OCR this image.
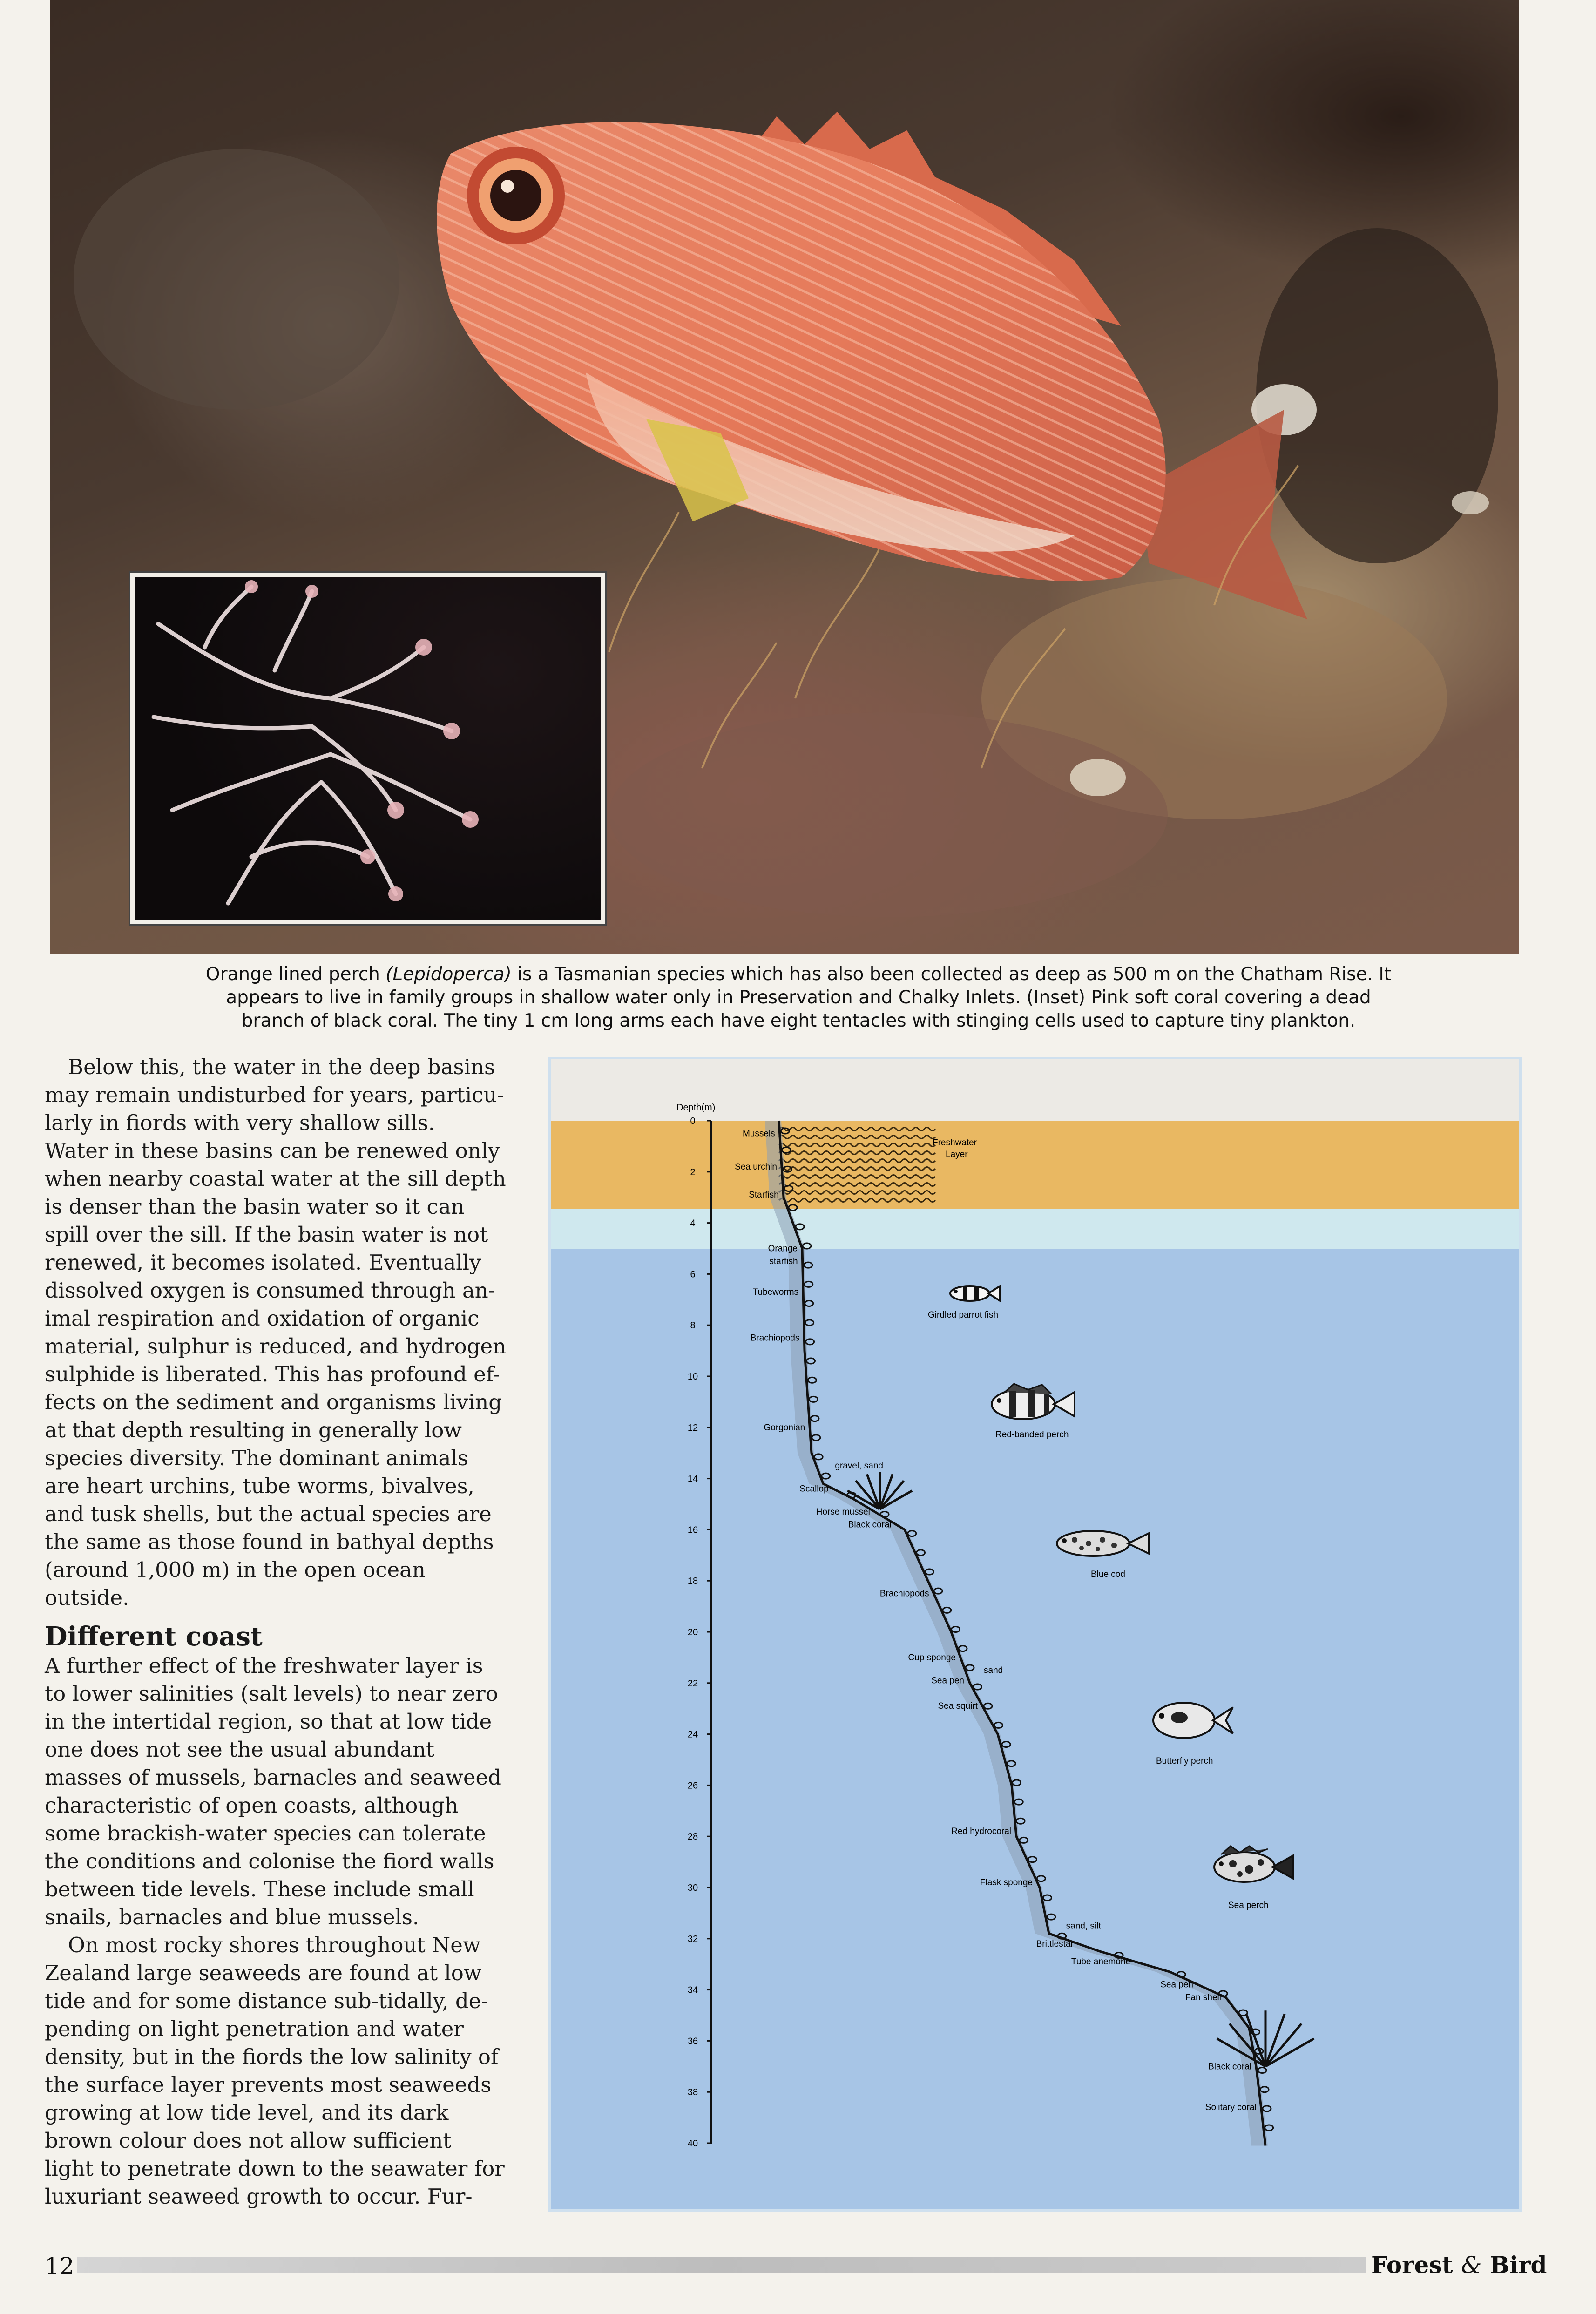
Orange lined perch (Lepidoperca) is a Tasmanian species which has also been collected as deep as 500 m on the Chatham Rise. It
appears to live in family groups in shallow water only in Preservation and Chalky Inlets. (Inset) Pink soft coral covering a dead
branch of black coral. The tiny 1 cm long arms each have eight tentacles with stinging cells used to capture tiny plankton.

Below this, the water in the deep basins
may remain undisturbed for years, particu-
larly in fiords with very shallow sills.
Water in these basins can be renewed only
when nearby coastal water at the sill depth
is denser than the basin water so it can
spill over the sill. If the basin water is not
renewed, it becomes isolated. Eventually
dissolved oxygen is consumed through an-
imal respiration and oxidation of organic
material, sulphur is reduced, and hydrogen
sulphide is liberated. This has profound ef-
fects on the sediment and organisms living
at that depth resulting in generally low
species diversity. The dominant animals
are heart urchins, tube worms, bivalves,
and tusk shells, but the actual species are
the same as those found in bathyal depths
(around 1,000 m) in the open ocean
outside.

Different coast

A further effect of the freshwater layer is
to lower salinities (salt levels) to near zero
in the intertidal region, so that at low tide
one does not see the usual abundant
masses of mussels, barnacles and seaweed
characteristic of open coasts, although
some brackish-water species can tolerate
the conditions and colonise the fiord walls
between tide levels. These include small
snails, barnacles and blue mussels.

On most rocky shores throughout New
Zealand large seaweeds are found at low
tide and for some distance sub-tidally, de-
pending on light penetration and water
density, but in the fiords the low salinity of
the surface layer prevents most seaweeds
growing at low tide level, and its dark
brown colour does not allow sufficient
light to penetrate down to the seawater for
luxuriant seaweed growth to occur. Fur-

Depth(m)
0
2
4
6
8
10
12
14
16
18
20
22
24
26
28
30
32
34
36
38
40
Mussels
Sea urchin
Starfish
Orange
starfish
Tubeworms
Brachiopods
Gorgonian
Scallop
Horse mussel
Black coral
Brachiopods
Cup sponge
Sea pen
Sea squirt
Red hydrocoral
Flask sponge
Brittlestar
Tube anemone
Sea pen
Fan shell
Black coral
Solitary coral
Freshwater
Layer
Girdled parrot fish
Red-banded perch
Blue cod
Butterfly perch
Sea perch
gravel, sand
sand
sand, silt
12	Forest & Bird
